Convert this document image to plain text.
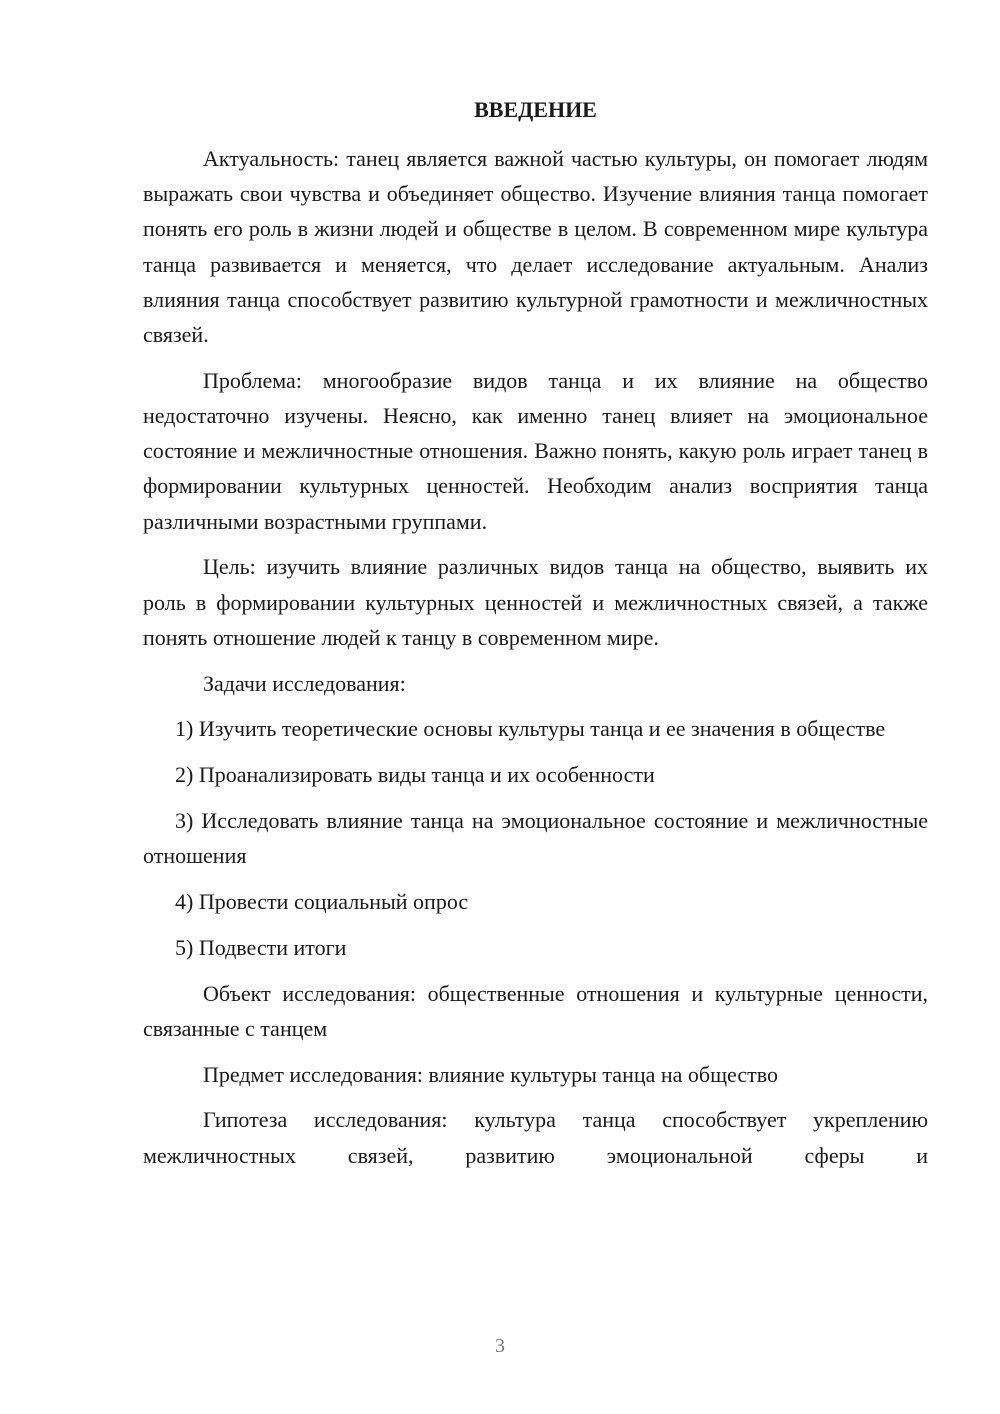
ВВЕДЕНИЕ

Актуальность: танец является важной частью культуры, он помогает людям выражать свои чувства и объединяет общество. Изучение влияния танца помогает понять его роль в жизни людей и обществе в целом. В современном мире культура танца развивается и меняется, что делает исследование актуальным. Анализ влияния танца способствует развитию культурной грамотности и межличностных связей.

Проблема: многообразие видов танца и их влияние на общество недостаточно изучены. Неясно, как именно танец влияет на эмоциональное состояние и межличностные отношения. Важно понять, какую роль играет танец в формировании культурных ценностей. Необходим анализ восприятия танца различными возрастными группами.

Цель: изучить влияние различных видов танца на общество, выявить их роль в формировании культурных ценностей и межличностных связей, а также понять отношение людей к танцу в современном мире.

Задачи исследования:

1) Изучить теоретические основы культуры танца и ее значения в обществе

2) Проанализировать виды танца и их особенности

3) Исследовать влияние танца на эмоциональное состояние и межличностные отношения

4) Провести социальный опрос

5) Подвести итоги

Объект исследования: общественные отношения и культурные ценности, связанные с танцем

Предмет исследования: влияние культуры танца на общество

Гипотеза исследования: культура танца способствует укреплению межличностных связей, развитию эмоциональной сферы и

3
